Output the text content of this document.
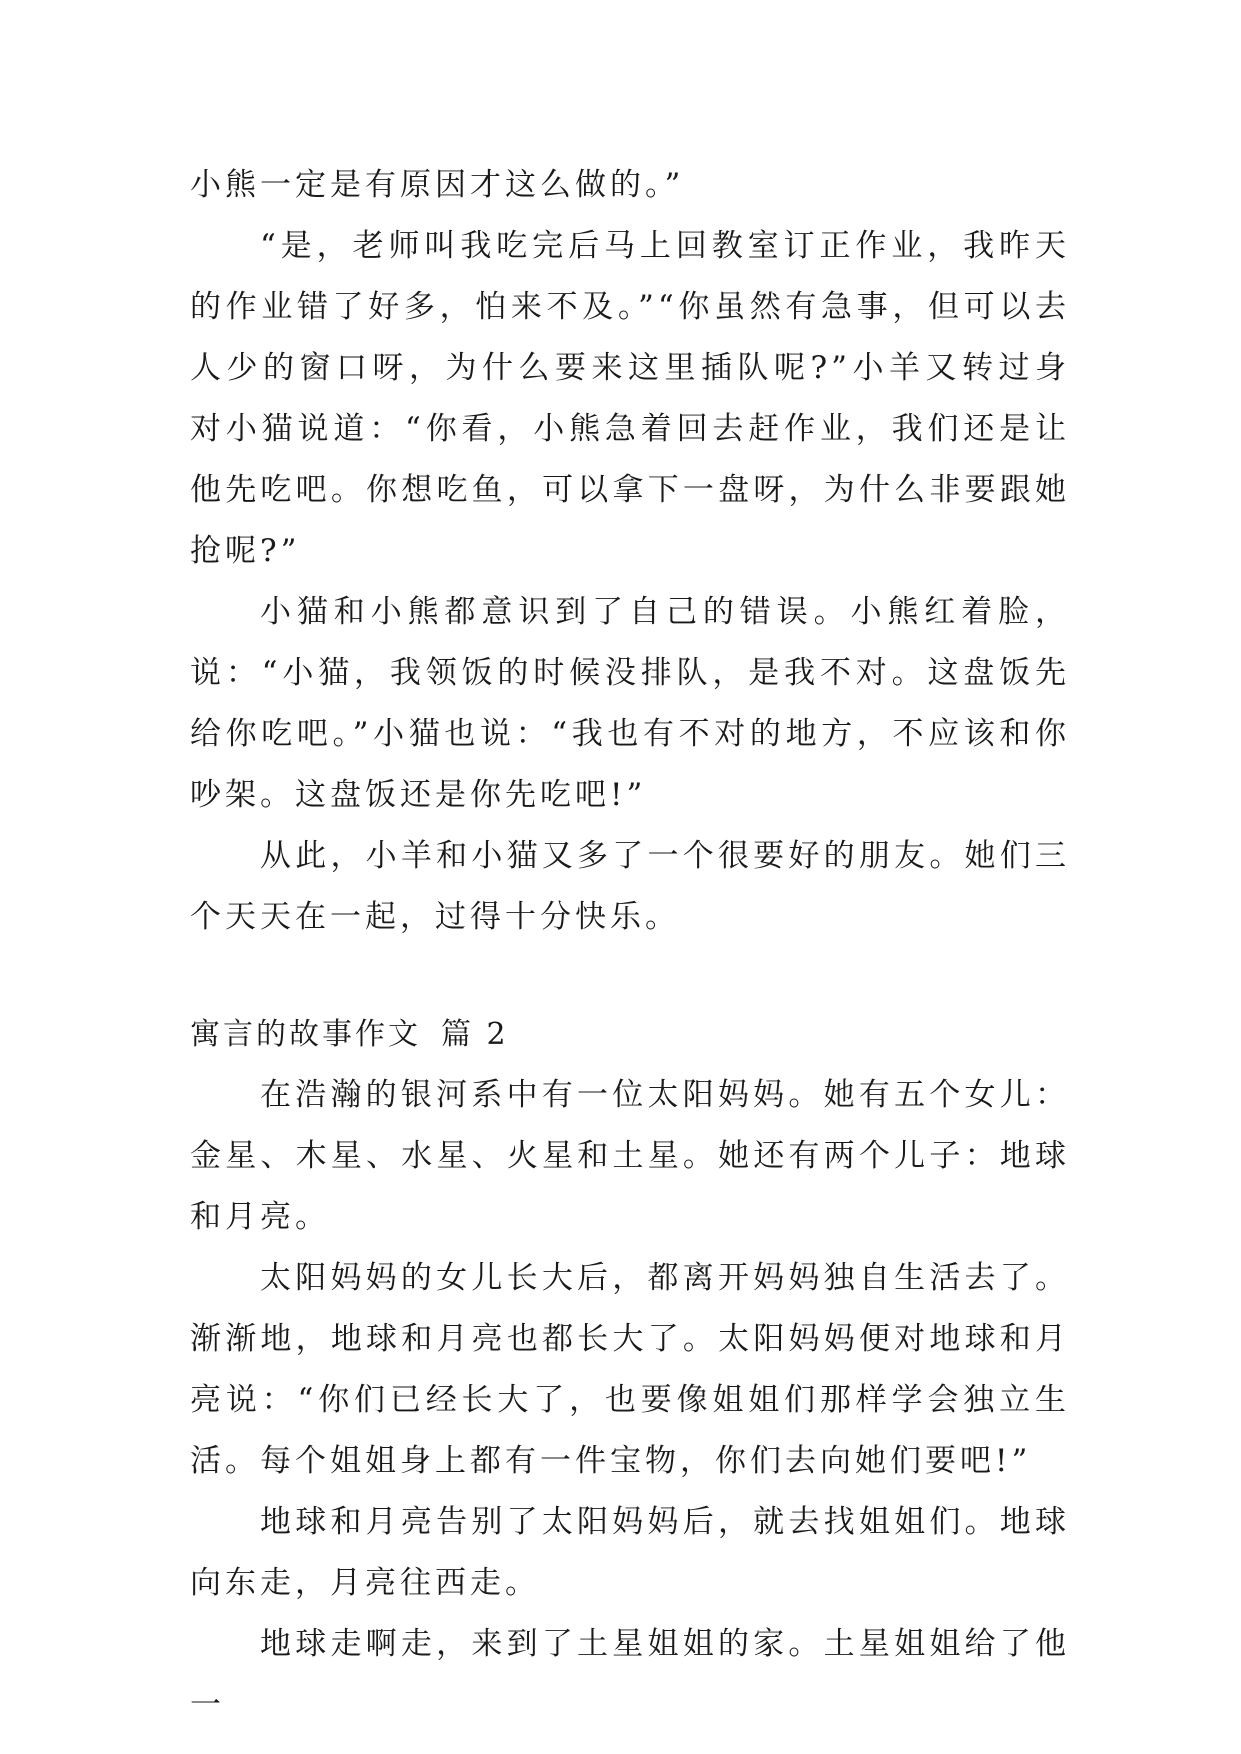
小熊一定是有原因才这么做的。”

“是，老师叫我吃完后马上回教室订正作业，我昨天的作业错了好多，怕来不及。”“你虽然有急事，但可以去人少的窗口呀，为什么要来这里插队呢?”小羊又转过身对小猫说道：“你看，小熊急着回去赶作业，我们还是让他先吃吧。你想吃鱼，可以拿下一盘呀，为什么非要跟她抢呢?”

小猫和小熊都意识到了自己的错误。小熊红着脸，说：“小猫，我领饭的时候没排队，是我不对。这盘饭先给你吃吧。”小猫也说：“我也有不对的地方，不应该和你吵架。这盘饭还是你先吃吧!”

从此，小羊和小猫又多了一个很要好的朋友。她们三个天天在一起，过得十分快乐。

寓言的故事作文 篇 2

在浩瀚的银河系中有一位太阳妈妈。她有五个女儿：金星、木星、水星、火星和土星。她还有两个儿子：地球和月亮。

太阳妈妈的女儿长大后，都离开妈妈独自生活去了。渐渐地，地球和月亮也都长大了。太阳妈妈便对地球和月亮说：“你们已经长大了，也要像姐姐们那样学会独立生活。每个姐姐身上都有一件宝物，你们去向她们要吧!”

地球和月亮告别了太阳妈妈后，就去找姐姐们。地球向东走，月亮往西走。

地球走啊走，来到了土星姐姐的家。土星姐姐给了他一
